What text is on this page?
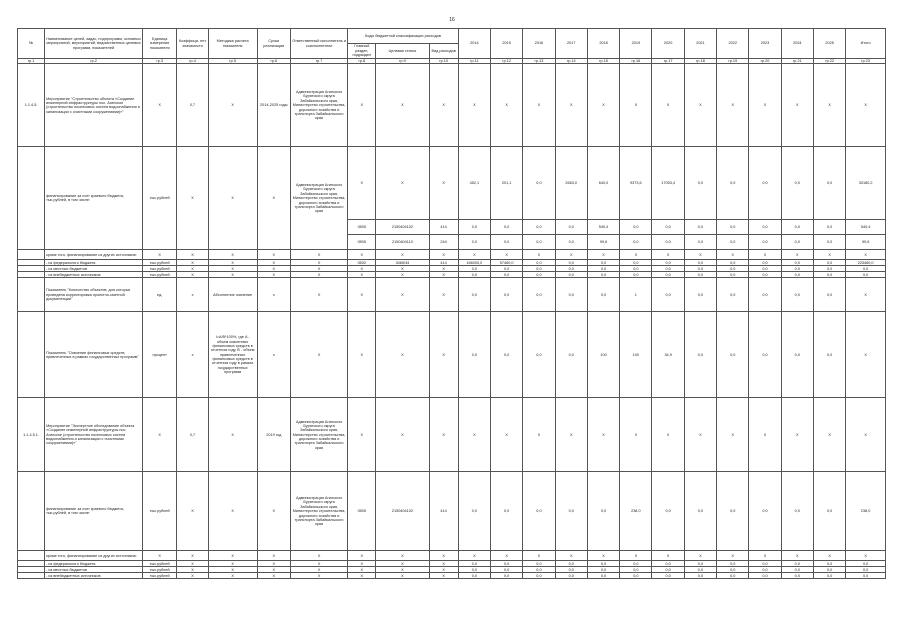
16
№	Наименование целей, задач, подпрограмм, основных мероприятий, мероприятий, ведомственных целевых программ, показателей	Единица измерения показателя	Коэффици- ент значимости	Методика расчета показателя	Сроки реализации	Ответственный исполнитель и соисполнители	Коды бюджетной классификации расходов			2014	2015	2016	2017	2018	2019	2020	2021	2022	2023	2024	2025	Итого
							Главный раздел, подраздел	Целевая статья	Вид расходов													
гр.1	гр.2	гр.3	гр.4	гр.5	гр.6	гр.7	гр.8	гр.9	гр.10	гр.11	гр.12	гр.13	гр.14	гр.15	гр.16	гр.17	гр.18	гр.19	гр.20	гр.21	гр.22	гр.23
1.1.4.5.	Мероприятие "Строительство объекта «Создание инженерной инфраструктуры пос. Агинское (строительство поселковых систем водоснабжения и канализации с очистными сооружениями)»"	Х	0,7	Х	2014-2025 годы	Администрация Агинского Бурятского округа Забайкальского края, Министерство строительства, дорожного хозяйства и транспорта Забайкальского края	Х	Х	Х	Х	Х	Х	Х	Х	Х	Х	Х	Х	Х	Х	Х	Х
	финансирование за счет краевого бюджета, тыс.рублей, в том числе:	тыс.рублей	Х	Х	Х	Администрация Агинского Бурятского округа Забайкальского края, Министерство строительства, дорожного хозяйства и транспорта Забайкальского края	Х	Х	Х	452,1	201,1	0,0	2663,0	640,0	9373,6	17053,4	0,0	0,0	0,0	0,0	0,0	30180,2
							0505	2150404102	414	0,0	0,0	0,0	0,0	540,4	0,0	0,0	0,0	0,0	0,0	0,0	0,0	540,4
							0505	2150404110	244	0,0	0,0	0,0	0,0	99,6	0,0	0,0	0,0	0,0	0,0	0,0	0,0	99,6
	кроме того, финансирование из других источников:	Х	Х	Х	Х	Х	Х	Х	Х	Х	Х	Х	Х	Х	Х	Х	Х	Х	Х	Х	Х	Х
	- из федерального бюджета	тыс.рублей	Х	Х	Х	Х	0502	3465/34	414	166000,0	57460,0	0,0	0,0	0,0	0,0	0,0	0,0	0,0	0,0	0,0	0,0	223460,0
	- из местных бюджетов	тыс.рублей	Х	Х	Х	Х	Х	Х	Х	0,0	0,0	0,0	0,0	0,0	0,0	0,0	0,0	0,0	0,0	0,0	0,0	0,0
	- из внебюджетных источников	тыс.рублей	Х	Х	Х	Х	Х	Х	Х	0,0	0,0	0,0	0,0	0,0	0,0	0,0	0,0	0,0	0,0	0,0	0,0	0,0
	Показатель "Количество объектов, для которых проведена корректировка проектно-сметной документации"	ед.	х	Абсолютное значение	х	Х	Х	Х	Х	0,0	0,0	0,0	0,0	0,0	1	0,0	0,0	0,0	0,0	0,0	0,0	Х
	Показатель "Освоение финансовых средств, привлеченных в рамках государственных программ"	процент	х	I=A/B*100%, где A - объем освоенных финансовых средств в отчетном году, B - объем привлеченных финансовых средств в отчетном году в рамках государственных программ	х	Х	Х	Х	Х	0,0	0,0	0,0	0,0	100	100	34,9	0,0	0,0	0,0	0,0	0,0	Х
1.1.4.5.1.	Мероприятие "Экспертное обследование объекта «Создание инженерной инфраструктуры пос. Агинское (строительство поселковых систем водоснабжения и канализации с очистными сооружениями)»"	Х	0,7	Х	2019 год	Администрация Агинского Бурятского округа Забайкальского края, Министерство строительства, дорожного хозяйства и транспорта Забайкальского края	Х	Х	Х	Х	Х	Х	Х	Х	Х	Х	Х	Х	Х	Х	Х	Х
	финансирование за счет краевого бюджета, тыс.рублей, в том числе:	тыс.рублей	Х	Х	Х	Администрация Агинского Бурятского округа Забайкальского края, Министерство строительства, дорожного хозяйства и транспорта Забайкальского края	0505	2150404102	414	0,0	0,0	0,0	0,0	0,0	238,0	0,0	0,0	0,0	0,0	0,0	0,0	238,0
	кроме того, финансирование из других источников:	Х	Х	Х	Х	Х	Х	Х	Х	Х	Х	Х	Х	Х	Х	Х	Х	Х	Х	Х	Х	Х
	- из федерального бюджета	тыс.рублей	Х	Х	Х	Х	Х	Х	Х	0,0	0,0	0,0	0,0	0,0	0,0	0,0	0,0	0,0	0,0	0,0	0,0	0,0
	- из местных бюджетов	тыс.рублей	Х	Х	Х	Х	Х	Х	Х	0,0	0,0	0,0	0,0	0,0	0,0	0,0	0,0	0,0	0,0	0,0	0,0	0,0
	- из внебюджетных источников	тыс.рублей	Х	Х	Х	Х	Х	Х	Х	0,0	0,0	0,0	0,0	0,0	0,0	0,0	0,0	0,0	0,0	0,0	0,0	0,0
